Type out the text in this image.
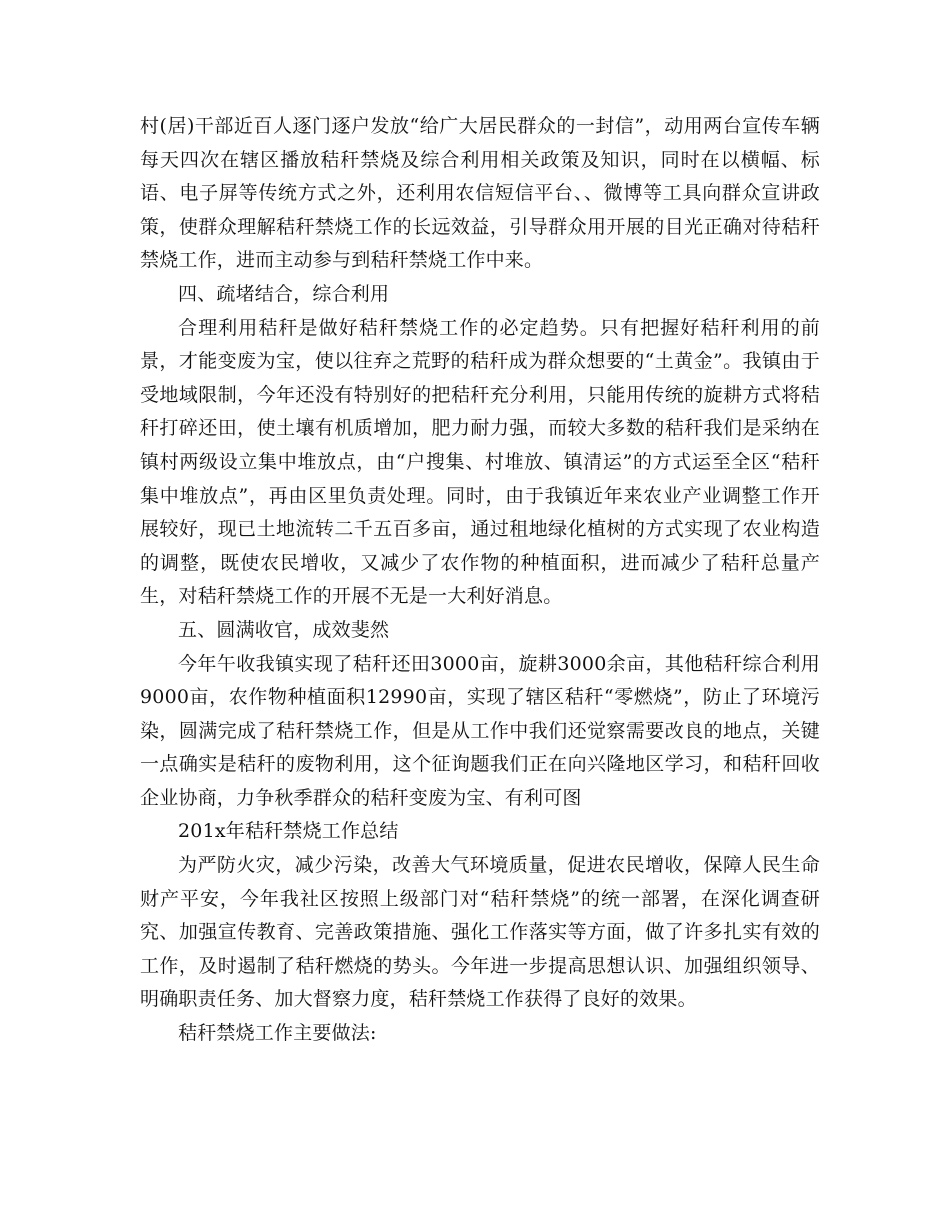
村(居)干部近百人逐门逐户发放“给广大居民群众的一封信”，动用两台宣传车辆每天四次在辖区播放秸秆禁烧及综合利用相关政策及知识，同时在以横幅、标语、电子屏等传统方式之外，还利用农信短信平台、、微博等工具向群众宣讲政策，使群众理解秸秆禁烧工作的长远效益，引导群众用开展的目光正确对待秸秆禁烧工作，进而主动参与到秸秆禁烧工作中来。

四、疏堵结合，综合利用

合理利用秸秆是做好秸秆禁烧工作的必定趋势。只有把握好秸秆利用的前景，才能变废为宝，使以往弃之荒野的秸秆成为群众想要的“土黄金”。我镇由于受地域限制，今年还没有特别好的把秸秆充分利用，只能用传统的旋耕方式将秸秆打碎还田，使土壤有机质增加，肥力耐力强，而较大多数的秸秆我们是采纳在镇村两级设立集中堆放点，由“户搜集、村堆放、镇清运”的方式运至全区“秸秆集中堆放点”，再由区里负责处理。同时，由于我镇近年来农业产业调整工作开展较好，现已土地流转二千五百多亩，通过租地绿化植树的方式实现了农业构造的调整，既使农民增收，又减少了农作物的种植面积，进而减少了秸秆总量产生，对秸秆禁烧工作的开展不无是一大利好消息。

五、圆满收官，成效斐然

今年午收我镇实现了秸秆还田3000亩，旋耕3000余亩，其他秸秆综合利用9000亩，农作物种植面积12990亩，实现了辖区秸秆“零燃烧”，防止了环境污染，圆满完成了秸秆禁烧工作，但是从工作中我们还觉察需要改良的地点，关键一点确实是秸秆的废物利用，这个征询题我们正在向兴隆地区学习，和秸秆回收企业协商，力争秋季群众的秸秆变废为宝、有利可图

201x年秸秆禁烧工作总结

为严防火灾，减少污染，改善大气环境质量，促进农民增收，保障人民生命财产平安，今年我社区按照上级部门对“秸秆禁烧”的统一部署，在深化调查研究、加强宣传教育、完善政策措施、强化工作落实等方面，做了许多扎实有效的工作，及时遏制了秸秆燃烧的势头。今年进一步提高思想认识、加强组织领导、明确职责任务、加大督察力度，秸秆禁烧工作获得了良好的效果。

秸秆禁烧工作主要做法:
